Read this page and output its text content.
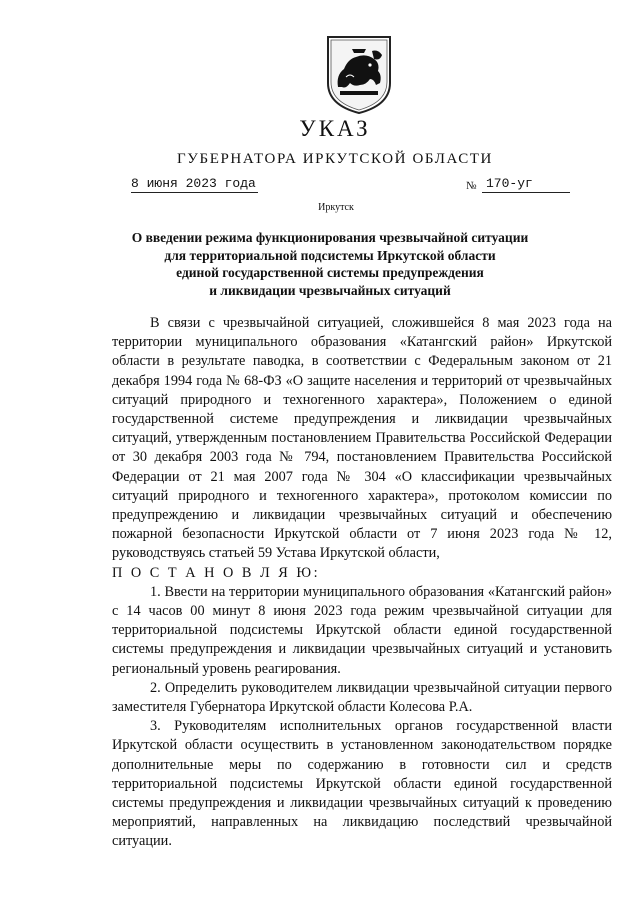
УКАЗ
ГУБЕРНАТОРА ИРКУТСКОЙ ОБЛАСТИ
8 июня 2023 года	№ 170-уг
Иркутск
О введении режима функционирования чрезвычайной ситуации
для территориальной подсистемы Иркутской области
единой государственной системы предупреждения
и ликвидации чрезвычайных ситуаций

В связи с чрезвычайной ситуацией, сложившейся 8 мая 2023 года на территории муниципального образования «Катангский район» Иркутской области в результате паводка, в соответствии с Федеральным законом от 21 декабря 1994 года № 68-ФЗ «О защите населения и территорий от чрезвычайных ситуаций природного и техногенного характера», Положением о единой государственной системе предупреждения и ликвидации чрезвычайных ситуаций, утвержденным постановлением Правительства Российской Федерации от 30 декабря 2003 года № 794, постановлением Правительства Российской Федерации от 21 мая 2007 года № 304 «О классификации чрезвычайных ситуаций природного и техногенного характера», протоколом комиссии по предупреждению и ликвидации чрезвычайных ситуаций и обеспечению пожарной безопасности Иркутской области от 7 июня 2023 года № 12, руководствуясь статьей 59 Устава Иркутской области,

П О С Т А Н О В Л Я Ю:

1. Ввести на территории муниципального образования «Катангский район» с 14 часов 00 минут 8 июня 2023 года режим чрезвычайной ситуации для территориальной подсистемы Иркутской области единой государственной системы предупреждения и ликвидации чрезвычайных ситуаций и установить региональный уровень реагирования.

2. Определить руководителем ликвидации чрезвычайной ситуации первого заместителя Губернатора Иркутской области Колесова Р.А.

3. Руководителям исполнительных органов государственной власти Иркутской области осуществить в установленном законодательством порядке дополнительные меры по содержанию в готовности сил и средств территориальной подсистемы Иркутской области единой государственной системы предупреждения и ликвидации чрезвычайных ситуаций к проведению мероприятий, направленных на ликвидацию последствий чрезвычайной ситуации.
